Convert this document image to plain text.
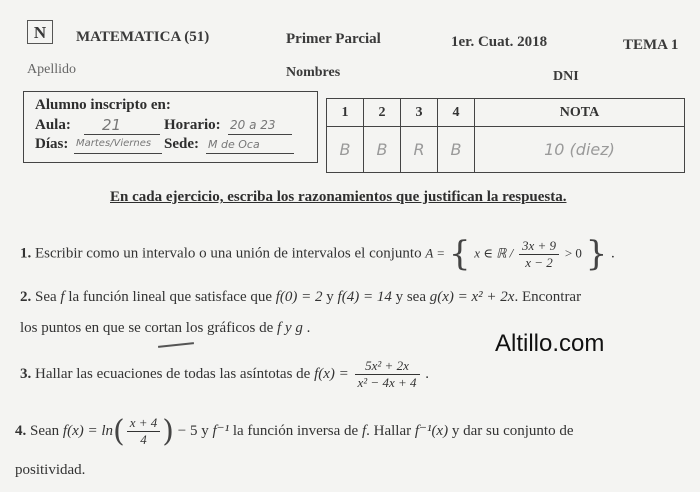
N	MATEMATICA (51)	Primer Parcial	1er. Cuat. 2018	TEMA 1
Apellido	Nombres	DNI
Alumno inscripto en:
Aula: 21	Horario: 20 a 23
Días: Martes/Viernes Sede: M de Oca
1	2	3	4	NOTA
B	B	R	B	10 (diez)
En cada ejercicio, escriba los razonamientos que justifican la respuesta.
1. Escribir como un intervalo o una unión de intervalos el conjunto A = { x ∈ ℝ / $\frac{3x + 9}{x - 2} > 0$ } .
2. Sea f la función lineal que satisface que f(0) = 2 y f(4) = 14 y sea g(x) = x² + 2x. Encontrar
los puntos en que se cortan los gráficos de f y g .
Altillo.com
3. Hallar las ecuaciones de todas las asíntotas de $f(x) = \frac{\text{5x² + 2x}}{\text{x² − 4x + 4}}$ .
4. Sean $f(x) = \ln( \frac{x + 4}{4}$ ) − 5 y f⁻¹ la función inversa de f. Hallar f⁻¹(x) y dar su conjunto de
positividad.
